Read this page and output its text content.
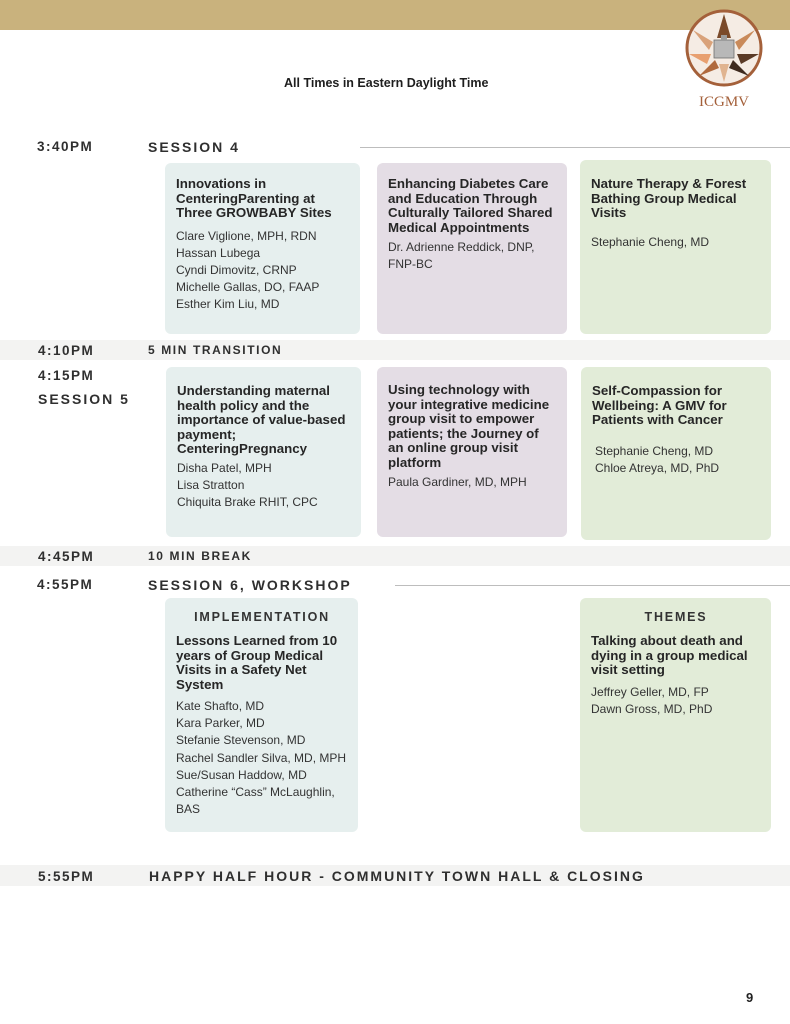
ICGMV
All Times in Eastern Daylight Time
3:40PM	SESSION 4
Innovations in CenteringParenting at Three GROWBABY Sites
Clare Viglione, MPH, RDN
Hassan Lubega
Cyndi Dimovitz, CRNP
Michelle Gallas, DO, FAAP
Esther Kim Liu, MD
Enhancing Diabetes Care and Education Through Culturally Tailored Shared Medical Appointments
Dr. Adrienne Reddick, DNP, FNP-BC
Nature Therapy & Forest Bathing Group Medical Visits
Stephanie Cheng, MD
4:10PM	5 MIN TRANSITION
4:15PM
SESSION 5
Understanding maternal health policy and the importance of value-based payment; CenteringPregnancy
Disha Patel, MPH
Lisa Stratton
Chiquita Brake RHIT, CPC
Using technology with your integrative medicine group visit to empower patients; the Journey of an online group visit platform
Paula Gardiner, MD, MPH
Self-Compassion for Wellbeing: A GMV for Patients with Cancer
Stephanie Cheng, MD
Chloe Atreya, MD, PhD
4:45PM	10 MIN BREAK
4:55PM	SESSION 6, WORKSHOP
IMPLEMENTATION
Lessons Learned from 10 years of Group Medical Visits in a Safety Net System
Kate Shafto, MD
Kara Parker, MD
Stefanie Stevenson, MD
Rachel Sandler Silva, MD, MPH
Sue/Susan Haddow, MD
Catherine “Cass” McLaughlin, BAS
THEMES
Talking about death and dying in a group medical visit setting
Jeffrey Geller, MD, FP
Dawn Gross, MD, PhD
5:55PM	HAPPY HALF HOUR - COMMUNITY TOWN HALL & CLOSING
9
